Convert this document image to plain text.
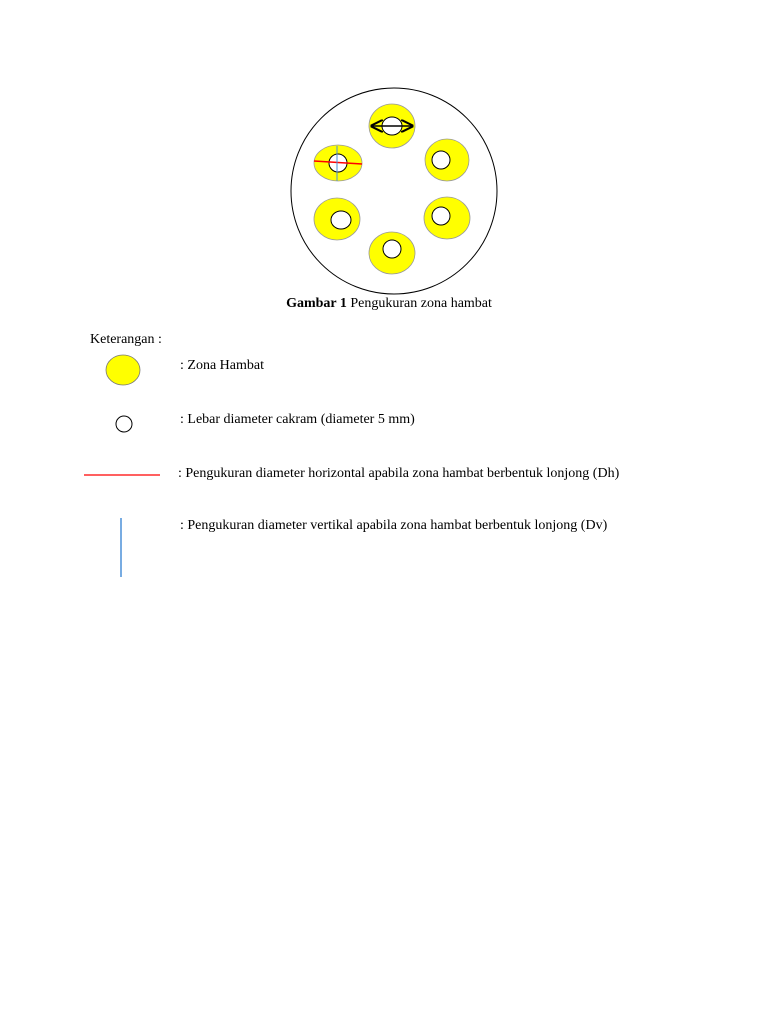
Gambar 1 Pengukuran zona hambat
Keterangan :
: Zona Hambat
: Lebar diameter cakram (diameter 5 mm)
: Pengukuran diameter horizontal apabila zona hambat berbentuk lonjong (Dh)
: Pengukuran diameter vertikal apabila zona hambat berbentuk lonjong (Dv)
